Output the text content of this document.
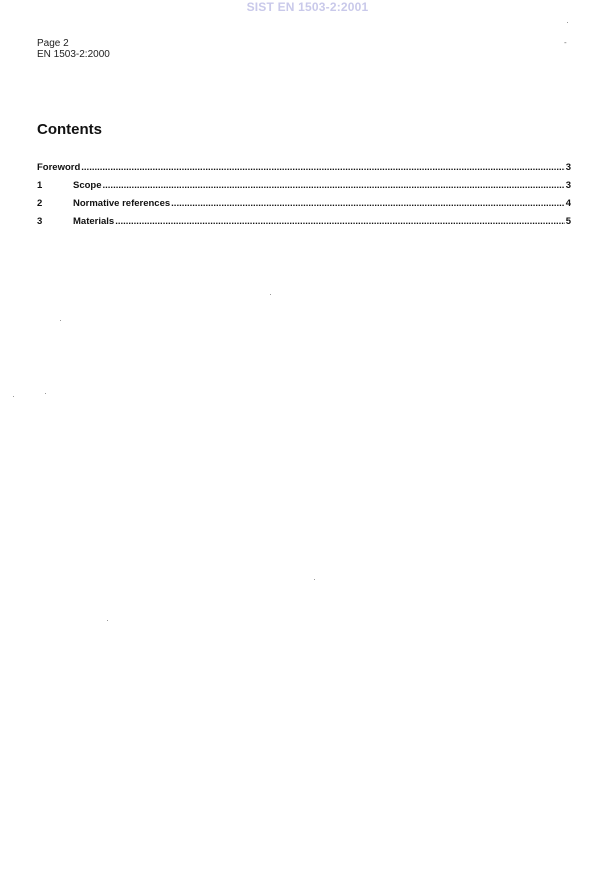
SIST EN 1503-2:2001
-
Page 2
EN 1503-2:2000
Contents
Foreword .....	3
1	Scope .....	3
2	Normative references .....	4
3	Materials .....	5
